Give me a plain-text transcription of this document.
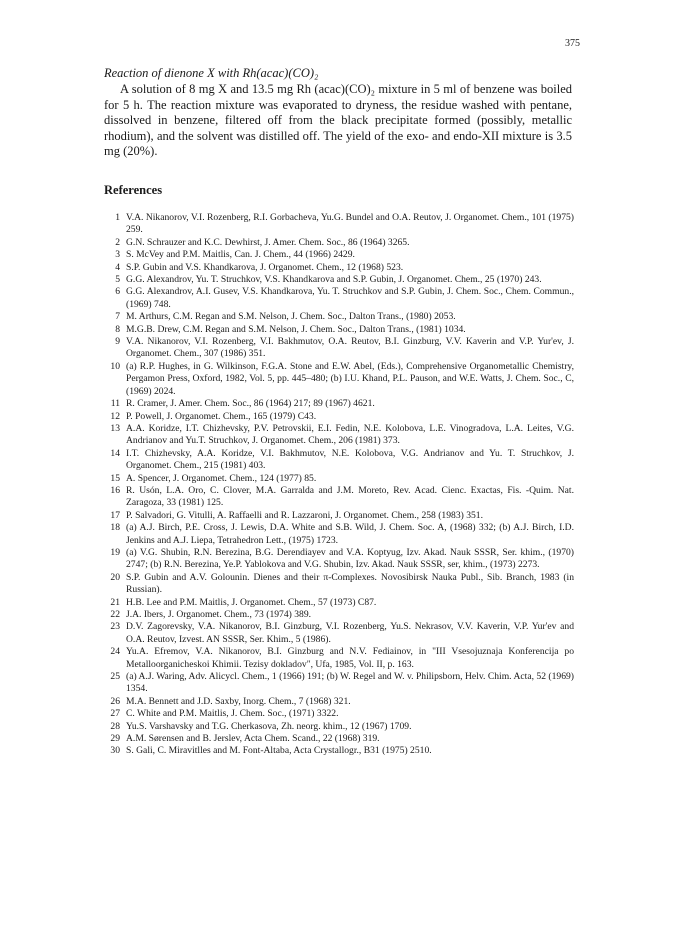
375
Reaction of dienone X with Rh(acac)(CO)₂

A solution of 8 mg X and 13.5 mg Rh (acac)(CO)₂ mixture in 5 ml of benzene was boiled for 5 h. The reaction mixture was evaporated to dryness, the residue washed with pentane, dissolved in benzene, filtered off from the black precipitate formed (possibly, metallic rhodium), and the solvent was distilled off. The yield of the exo- and endo-XII mixture is 3.5 mg (20%).

References
1 V.A. Nikanorov, V.I. Rozenberg, R.I. Gorbacheva, Yu.G. Bundel and O.A. Reutov, J. Organomet. Chem., 101 (1975) 259.
2 G.N. Schrauzer and K.C. Dewhirst, J. Amer. Chem. Soc., 86 (1964) 3265.
3 S. McVey and P.M. Maitlis, Can. J. Chem., 44 (1966) 2429.
4 S.P. Gubin and V.S. Khandkarova, J. Organomet. Chem., 12 (1968) 523.
5 G.G. Alexandrov, Yu. T. Struchkov, V.S. Khandkarova and S.P. Gubin, J. Organomet. Chem., 25 (1970) 243.
6 G.G. Alexandrov, A.I. Gusev, V.S. Khandkarova, Yu. T. Struchkov and S.P. Gubin, J. Chem. Soc., Chem. Commun., (1969) 748.
7 M. Arthurs, C.M. Regan and S.M. Nelson, J. Chem. Soc., Dalton Trans., (1980) 2053.
8 M.G.B. Drew, C.M. Regan and S.M. Nelson, J. Chem. Soc., Dalton Trans., (1981) 1034.
9 V.A. Nikanorov, V.I. Rozenberg, V.I. Bakhmutov, O.A. Reutov, B.I. Ginzburg, V.V. Kaverin and V.P. Yur'ev, J. Organomet. Chem., 307 (1986) 351.
10 (a) R.P. Hughes, in G. Wilkinson, F.G.A. Stone and E.W. Abel, (Eds.), Comprehensive Organometallic Chemistry, Pergamon Press, Oxford, 1982, Vol. 5, pp. 445–480; (b) I.U. Khand, P.L. Pauson, and W.E. Watts, J. Chem. Soc., C, (1969) 2024.
11 R. Cramer, J. Amer. Chem. Soc., 86 (1964) 217; 89 (1967) 4621.
12 P. Powell, J. Organomet. Chem., 165 (1979) C43.
13 A.A. Koridze, I.T. Chizhevsky, P.V. Petrovskii, E.I. Fedin, N.E. Kolobova, L.E. Vinogradova, L.A. Leites, V.G. Andrianov and Yu.T. Struchkov, J. Organomet. Chem., 206 (1981) 373.
14 I.T. Chizhevsky, A.A. Koridze, V.I. Bakhmutov, N.E. Kolobova, V.G. Andrianov and Yu. T. Struchkov, J. Organomet. Chem., 215 (1981) 403.
15 A. Spencer, J. Organomet. Chem., 124 (1977) 85.
16 R. Usón, L.A. Oro, C. Clover, M.A. Garralda and J.M. Moreto, Rev. Acad. Cienc. Exactas, Fis. -Quim. Nat. Zaragoza, 33 (1981) 125.
17 P. Salvadori, G. Vitulli, A. Raffaelli and R. Lazzaroni, J. Organomet. Chem., 258 (1983) 351.
18 (a) A.J. Birch, P.E. Cross, J. Lewis, D.A. White and S.B. Wild, J. Chem. Soc. A, (1968) 332; (b) A.J. Birch, I.D. Jenkins and A.J. Liepa, Tetrahedron Lett., (1975) 1723.
19 (a) V.G. Shubin, R.N. Berezina, B.G. Derendiayev and V.A. Koptyug, Izv. Akad. Nauk SSSR, Ser. khim., (1970) 2747; (b) R.N. Berezina, Ye.P. Yablokova and V.G. Shubin, Izv. Akad. Nauk SSSR, ser, khim., (1973) 2273.
20 S.P. Gubin and A.V. Golounin. Dienes and their π-Complexes. Novosibirsk Nauka Publ., Sib. Branch, 1983 (in Russian).
21 H.B. Lee and P.M. Maitlis, J. Organomet. Chem., 57 (1973) C87.
22 J.A. Ibers, J. Organomet. Chem., 73 (1974) 389.
23 D.V. Zagorevsky, V.A. Nikanorov, B.I. Ginzburg, V.I. Rozenberg, Yu.S. Nekrasov, V.V. Kaverin, V.P. Yur'ev and O.A. Reutov, Izvest. AN SSSR, Ser. Khim., 5 (1986).
24 Yu.A. Efremov, V.A. Nikanorov, B.I. Ginzburg and N.V. Fediainov, in "III Vsesojuznaja Konferencija po Metalloorganicheskoi Khimii. Tezisy dokladov", Ufa, 1985, Vol. II, p. 163.
25 (a) A.J. Waring, Adv. Alicycl. Chem., 1 (1966) 191; (b) W. Regel and W. v. Philipsborn, Helv. Chim. Acta, 52 (1969) 1354.
26 M.A. Bennett and J.D. Saxby, Inorg. Chem., 7 (1968) 321.
27 C. White and P.M. Maitlis, J. Chem. Soc., (1971) 3322.
28 Yu.S. Varshavsky and T.G. Cherkasova, Zh. neorg. khim., 12 (1967) 1709.
29 A.M. Sørensen and B. Jerslev, Acta Chem. Scand., 22 (1968) 319.
30 S. Gali, C. Miravitlles and M. Font-Altaba, Acta Crystallogr., B31 (1975) 2510.
